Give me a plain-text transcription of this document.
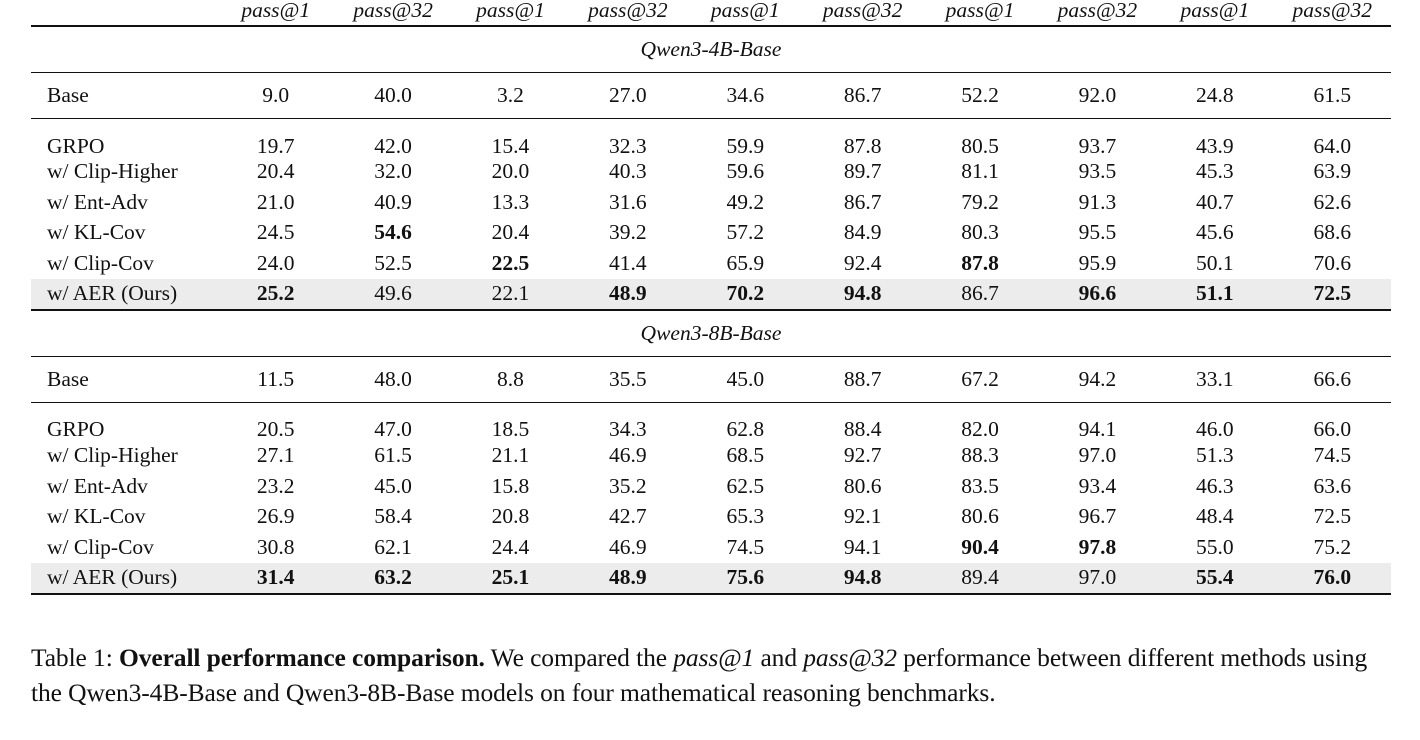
	pass@1	pass@32	pass@1	pass@32	pass@1	pass@32	pass@1	pass@32	pass@1	pass@32
Qwen3-4B-Base										
Base	9.0	40.0	3.2	27.0	34.6	86.7	52.2	92.0	24.8	61.5
GRPO	19.7	42.0	15.4	32.3	59.9	87.8	80.5	93.7	43.9	64.0
w/ Clip-Higher	20.4	32.0	20.0	40.3	59.6	89.7	81.1	93.5	45.3	63.9
w/ Ent-Adv	21.0	40.9	13.3	31.6	49.2	86.7	79.2	91.3	40.7	62.6
w/ KL-Cov	24.5	54.6	20.4	39.2	57.2	84.9	80.3	95.5	45.6	68.6
w/ Clip-Cov	24.0	52.5	22.5	41.4	65.9	92.4	87.8	95.9	50.1	70.6
w/ AER (Ours)	25.2	49.6	22.1	48.9	70.2	94.8	86.7	96.6	51.1	72.5
Qwen3-8B-Base										
Base	11.5	48.0	8.8	35.5	45.0	88.7	67.2	94.2	33.1	66.6
GRPO	20.5	47.0	18.5	34.3	62.8	88.4	82.0	94.1	46.0	66.0
w/ Clip-Higher	27.1	61.5	21.1	46.9	68.5	92.7	88.3	97.0	51.3	74.5
w/ Ent-Adv	23.2	45.0	15.8	35.2	62.5	80.6	83.5	93.4	46.3	63.6
w/ KL-Cov	26.9	58.4	20.8	42.7	65.3	92.1	80.6	96.7	48.4	72.5
w/ Clip-Cov	30.8	62.1	24.4	46.9	74.5	94.1	90.4	97.8	55.0	75.2
w/ AER (Ours)	31.4	63.2	25.1	48.9	75.6	94.8	89.4	97.0	55.4	76.0

Table 1: Overall performance comparison. We compared the pass@1 and pass@32 performance between different methods using the Qwen3-4B-Base and Qwen3-8B-Base models on four mathematical reasoning benchmarks.
